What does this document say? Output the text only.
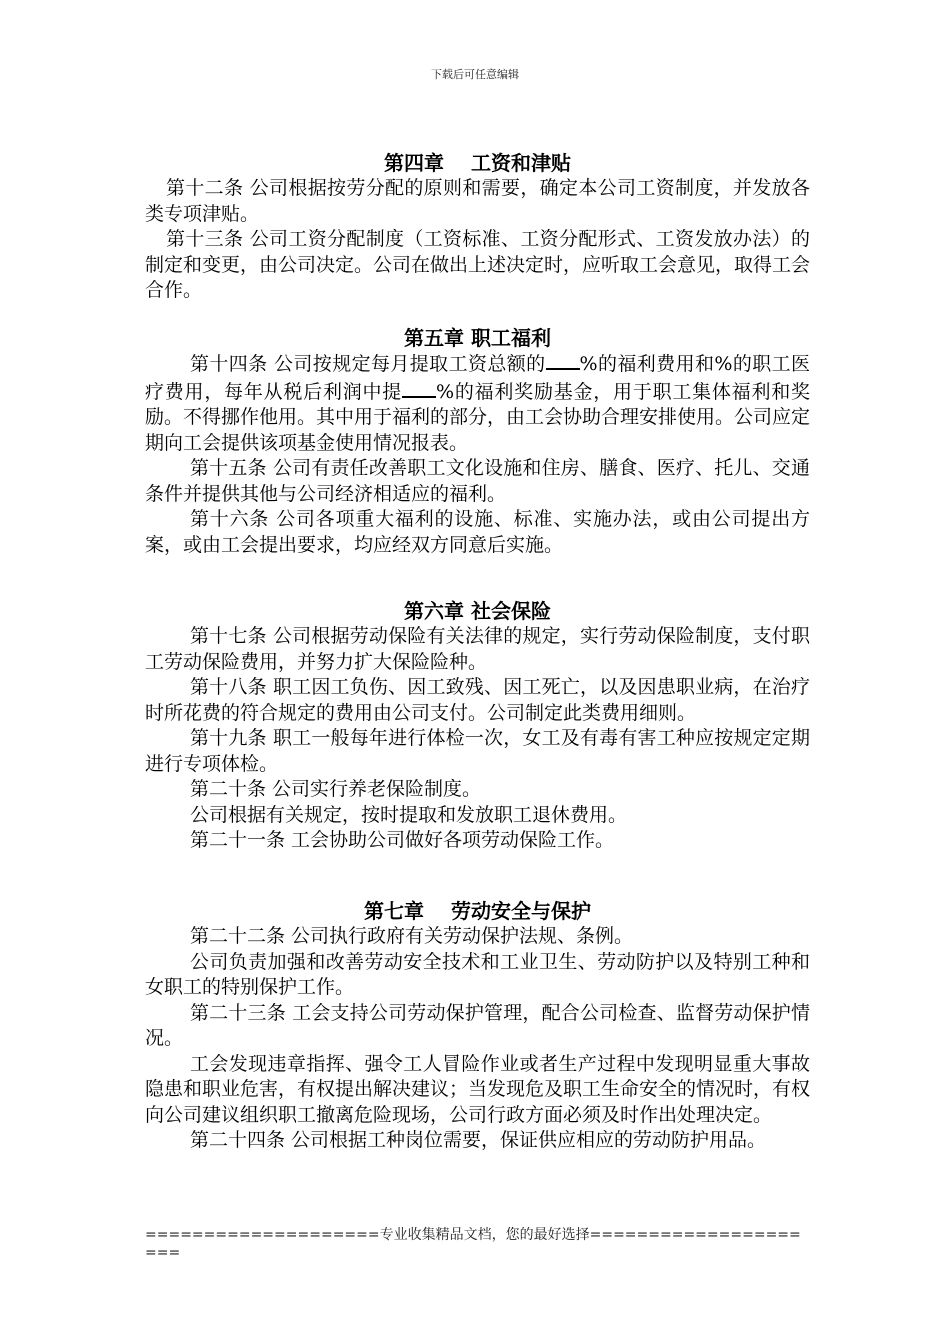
下载后可任意编辑
第四章　 工资和津贴

第十二条 公司根据按劳分配的原则和需要，确定本公司工资制度，并发放各类专项津贴。

第十三条 公司工资分配制度（工资标准、工资分配形式、工资发放办法）的制定和变更，由公司决定。公司在做出上述决定时，应听取工会意见，取得工会合作。

第五章 职工福利

第十四条 公司按规定每月提取工资总额的 %的福利费用和%的职工医疗费用，每年从税后利润中提 %的福利奖励基金，用于职工集体福利和奖励。不得挪作他用。其中用于福利的部分，由工会协助合理安排使用。公司应定期向工会提供该项基金使用情况报表。

第十五条 公司有责任改善职工文化设施和住房、膳食、医疗、托儿、交通条件并提供其他与公司经济相适应的福利。

第十六条 公司各项重大福利的设施、标准、实施办法，或由公司提出方案，或由工会提出要求，均应经双方同意后实施。

第六章 社会保险

第十七条 公司根据劳动保险有关法律的规定，实行劳动保险制度，支付职工劳动保险费用，并努力扩大保险险种。

第十八条 职工因工负伤、因工致残、因工死亡，以及因患职业病，在治疗时所花费的符合规定的费用由公司支付。公司制定此类费用细则。

第十九条 职工一般每年进行体检一次，女工及有毒有害工种应按规定定期进行专项体检。

第二十条 公司实行养老保险制度。

公司根据有关规定，按时提取和发放职工退休费用。

第二十一条 工会协助公司做好各项劳动保险工作。

第七章　 劳动安全与保护

第二十二条 公司执行政府有关劳动保护法规、条例。

公司负责加强和改善劳动安全技术和工业卫生、劳动防护以及特别工种和女职工的特别保护工作。

第二十三条 工会支持公司劳动保护管理，配合公司检查、监督劳动保护情况。

工会发现违章指挥、强令工人冒险作业或者生产过程中发现明显重大事故隐患和职业危害，有权提出解决建议；当发现危及职工生命安全的情况时，有权向公司建议组织职工撤离危险现场，公司行政方面必须及时作出处理决定。

第二十四条 公司根据工种岗位需要，保证供应相应的劳动防护用品。

====================专业收集精品文档，您的最好选择=====================
